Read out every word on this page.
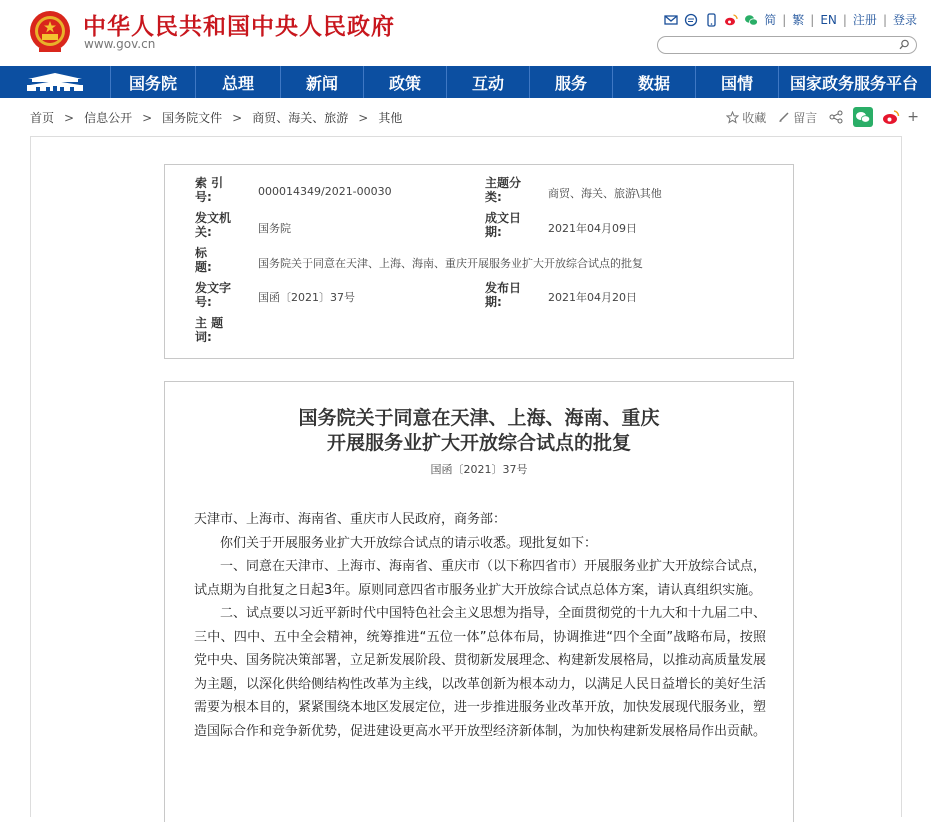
中华人民共和国中央人民政府
www.gov.cn
简 | 繁 | EN | 注册 | 登录
国务院	总理	新闻	政策	互动	服务	数据	国情	国家政务服务平台
首页 > 信息公开 > 国务院文件 > 商贸、海关、旅游 > 其他	收藏 留言	+
索 引 号:	000014349/2021-00030
主题分类:	商贸、海关、旅游\其他
发文机关:	国务院
成文日期:	2021年04月09日
标　　题:	国务院关于同意在天津、上海、海南、重庆开展服务业扩大开放综合试点的批复
发文字号:	国函〔2021〕37号
发布日期:	2021年04月20日
主 题 词:
国务院关于同意在天津、上海、海南、重庆
开展服务业扩大开放综合试点的批复
国函〔2021〕37号

天津市、上海市、海南省、重庆市人民政府，商务部：

你们关于开展服务业扩大开放综合试点的请示收悉。现批复如下：

一、同意在天津市、上海市、海南省、重庆市（以下称四省市）开展服务业扩大开放综合试点，试点期为自批复之日起3年。原则同意四省市服务业扩大开放综合试点总体方案，请认真组织实施。

二、试点要以习近平新时代中国特色社会主义思想为指导，全面贯彻党的十九大和十九届二中、三中、四中、五中全会精神，统筹推进“五位一体”总体布局，协调推进“四个全面”战略布局，按照党中央、国务院决策部署，立足新发展阶段、贯彻新发展理念、构建新发展格局，以推动高质量发展为主题，以深化供给侧结构性改革为主线，以改革创新为根本动力，以满足人民日益增长的美好生活需要为根本目的，紧紧围绕本地区发展定位，进一步推进服务业改革开放，加快发展现代服务业，塑造国际合作和竞争新优势，促进建设更高水平开放型经济新体制，为加快构建新发展格局作出贡献。
